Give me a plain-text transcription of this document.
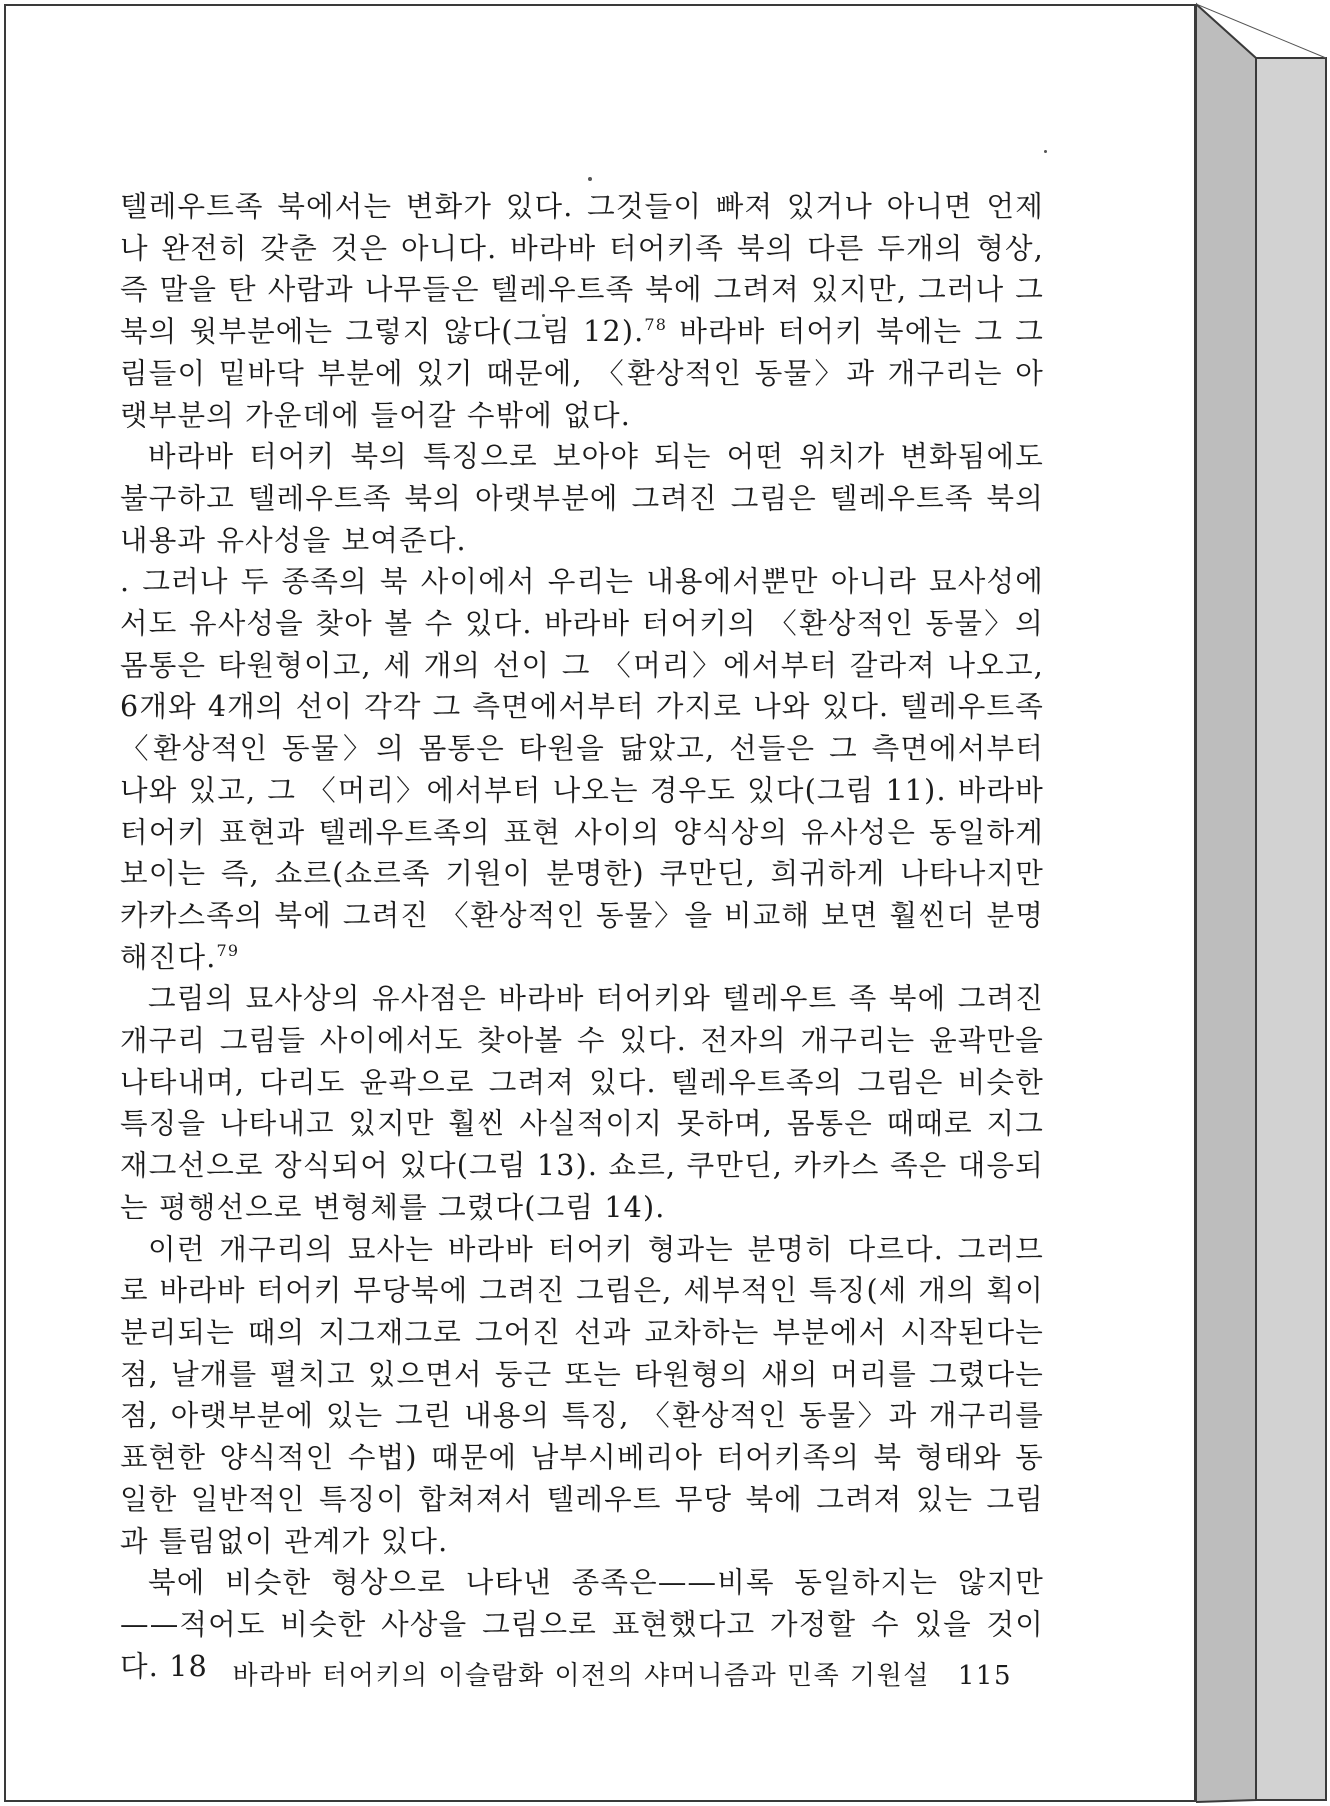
텔레우트족 북에서는 변화가 있다. 그것들이 빠져 있거나 아니면 언제나 완전히 갖춘 것은 아니다. 바라바 터어키족 북의 다른 두개의 형상, 즉 말을 탄 사람과 나무들은 텔레우트족 북에 그려져 있지만, 그러나 그 북의 윗부분에는 그렇지 않다(그림 12).$^{78}$ 바라바 터어키 북에는 그 그림들이 밑바닥 부분에 있기 때문에, 〈환상적인 동물〉과 개구리는 아랫부분의 가운데에 들어갈 수밖에 없다.

바라바 터어키 북의 특징으로 보아야 되는 어떤 위치가 변화됨에도 불구하고 텔레우트족 북의 아랫부분에 그려진 그림은 텔레우트족 북의 내용과 유사성을 보여준다.

. 그러나 두 종족의 북 사이에서 우리는 내용에서뿐만 아니라 묘사성에서도 유사성을 찾아 볼 수 있다. 바라바 터어키의 〈환상적인 동물〉의 몸통은 타원형이고, 세 개의 선이 그 〈머리〉에서부터 갈라져 나오고, 6개와 4개의 선이 각각 그 측면에서부터 가지로 나와 있다. 텔레우트족 〈환상적인 동물〉의 몸통은 타원을 닮았고, 선들은 그 측면에서부터 나와 있고, 그 〈머리〉에서부터 나오는 경우도 있다(그림 11). 바라바 터어키 표현과 텔레우트족의 표현 사이의 양식상의 유사성은 동일하게 보이는 즉, 쇼르(쇼르족 기원이 분명한) 쿠만딘, 희귀하게 나타나지만 카카스족의 북에 그려진 〈환상적인 동물〉을 비교해 보면 훨씬더 분명해진다.$^{79}$

그림의 묘사상의 유사점은 바라바 터어키와 텔레우트 족 북에 그려진 개구리 그림들 사이에서도 찾아볼 수 있다. 전자의 개구리는 윤곽만을 나타내며, 다리도 윤곽으로 그려져 있다. 텔레우트족의 그림은 비슷한 특징을 나타내고 있지만 훨씬 사실적이지 못하며, 몸통은 때때로 지그재그선으로 장식되어 있다(그림 13). 쇼르, 쿠만딘, 카카스 족은 대응되는 평행선으로 변형체를 그렸다(그림 14).

이런 개구리의 묘사는 바라바 터어키 형과는 분명히 다르다. 그러므로 바라바 터어키 무당북에 그려진 그림은, 세부적인 특징(세 개의 획이 분리되는 때의 지그재그로 그어진 선과 교차하는 부분에서 시작된다는 점, 날개를 펼치고 있으면서 둥근 또는 타원형의 새의 머리를 그렸다는 점, 아랫부분에 있는 그린 내용의 특징, 〈환상적인 동물〉과 개구리를 표현한 양식적인 수법) 때문에 남부시베리아 터어키족의 북 형태와 동일한 일반적인 특징이 합쳐져서 텔레우트 무당 북에 그려져 있는 그림과 틀림없이 관계가 있다.

북에 비슷한 형상으로 나타낸 종족은——비록 동일하지는 않지만——적어도 비슷한 사상을 그림으로 표현했다고 가정할 수 있을 것이다. 18 바라바 터어키의 이슬람화 이전의 샤머니즘과 민족 기원설 115
